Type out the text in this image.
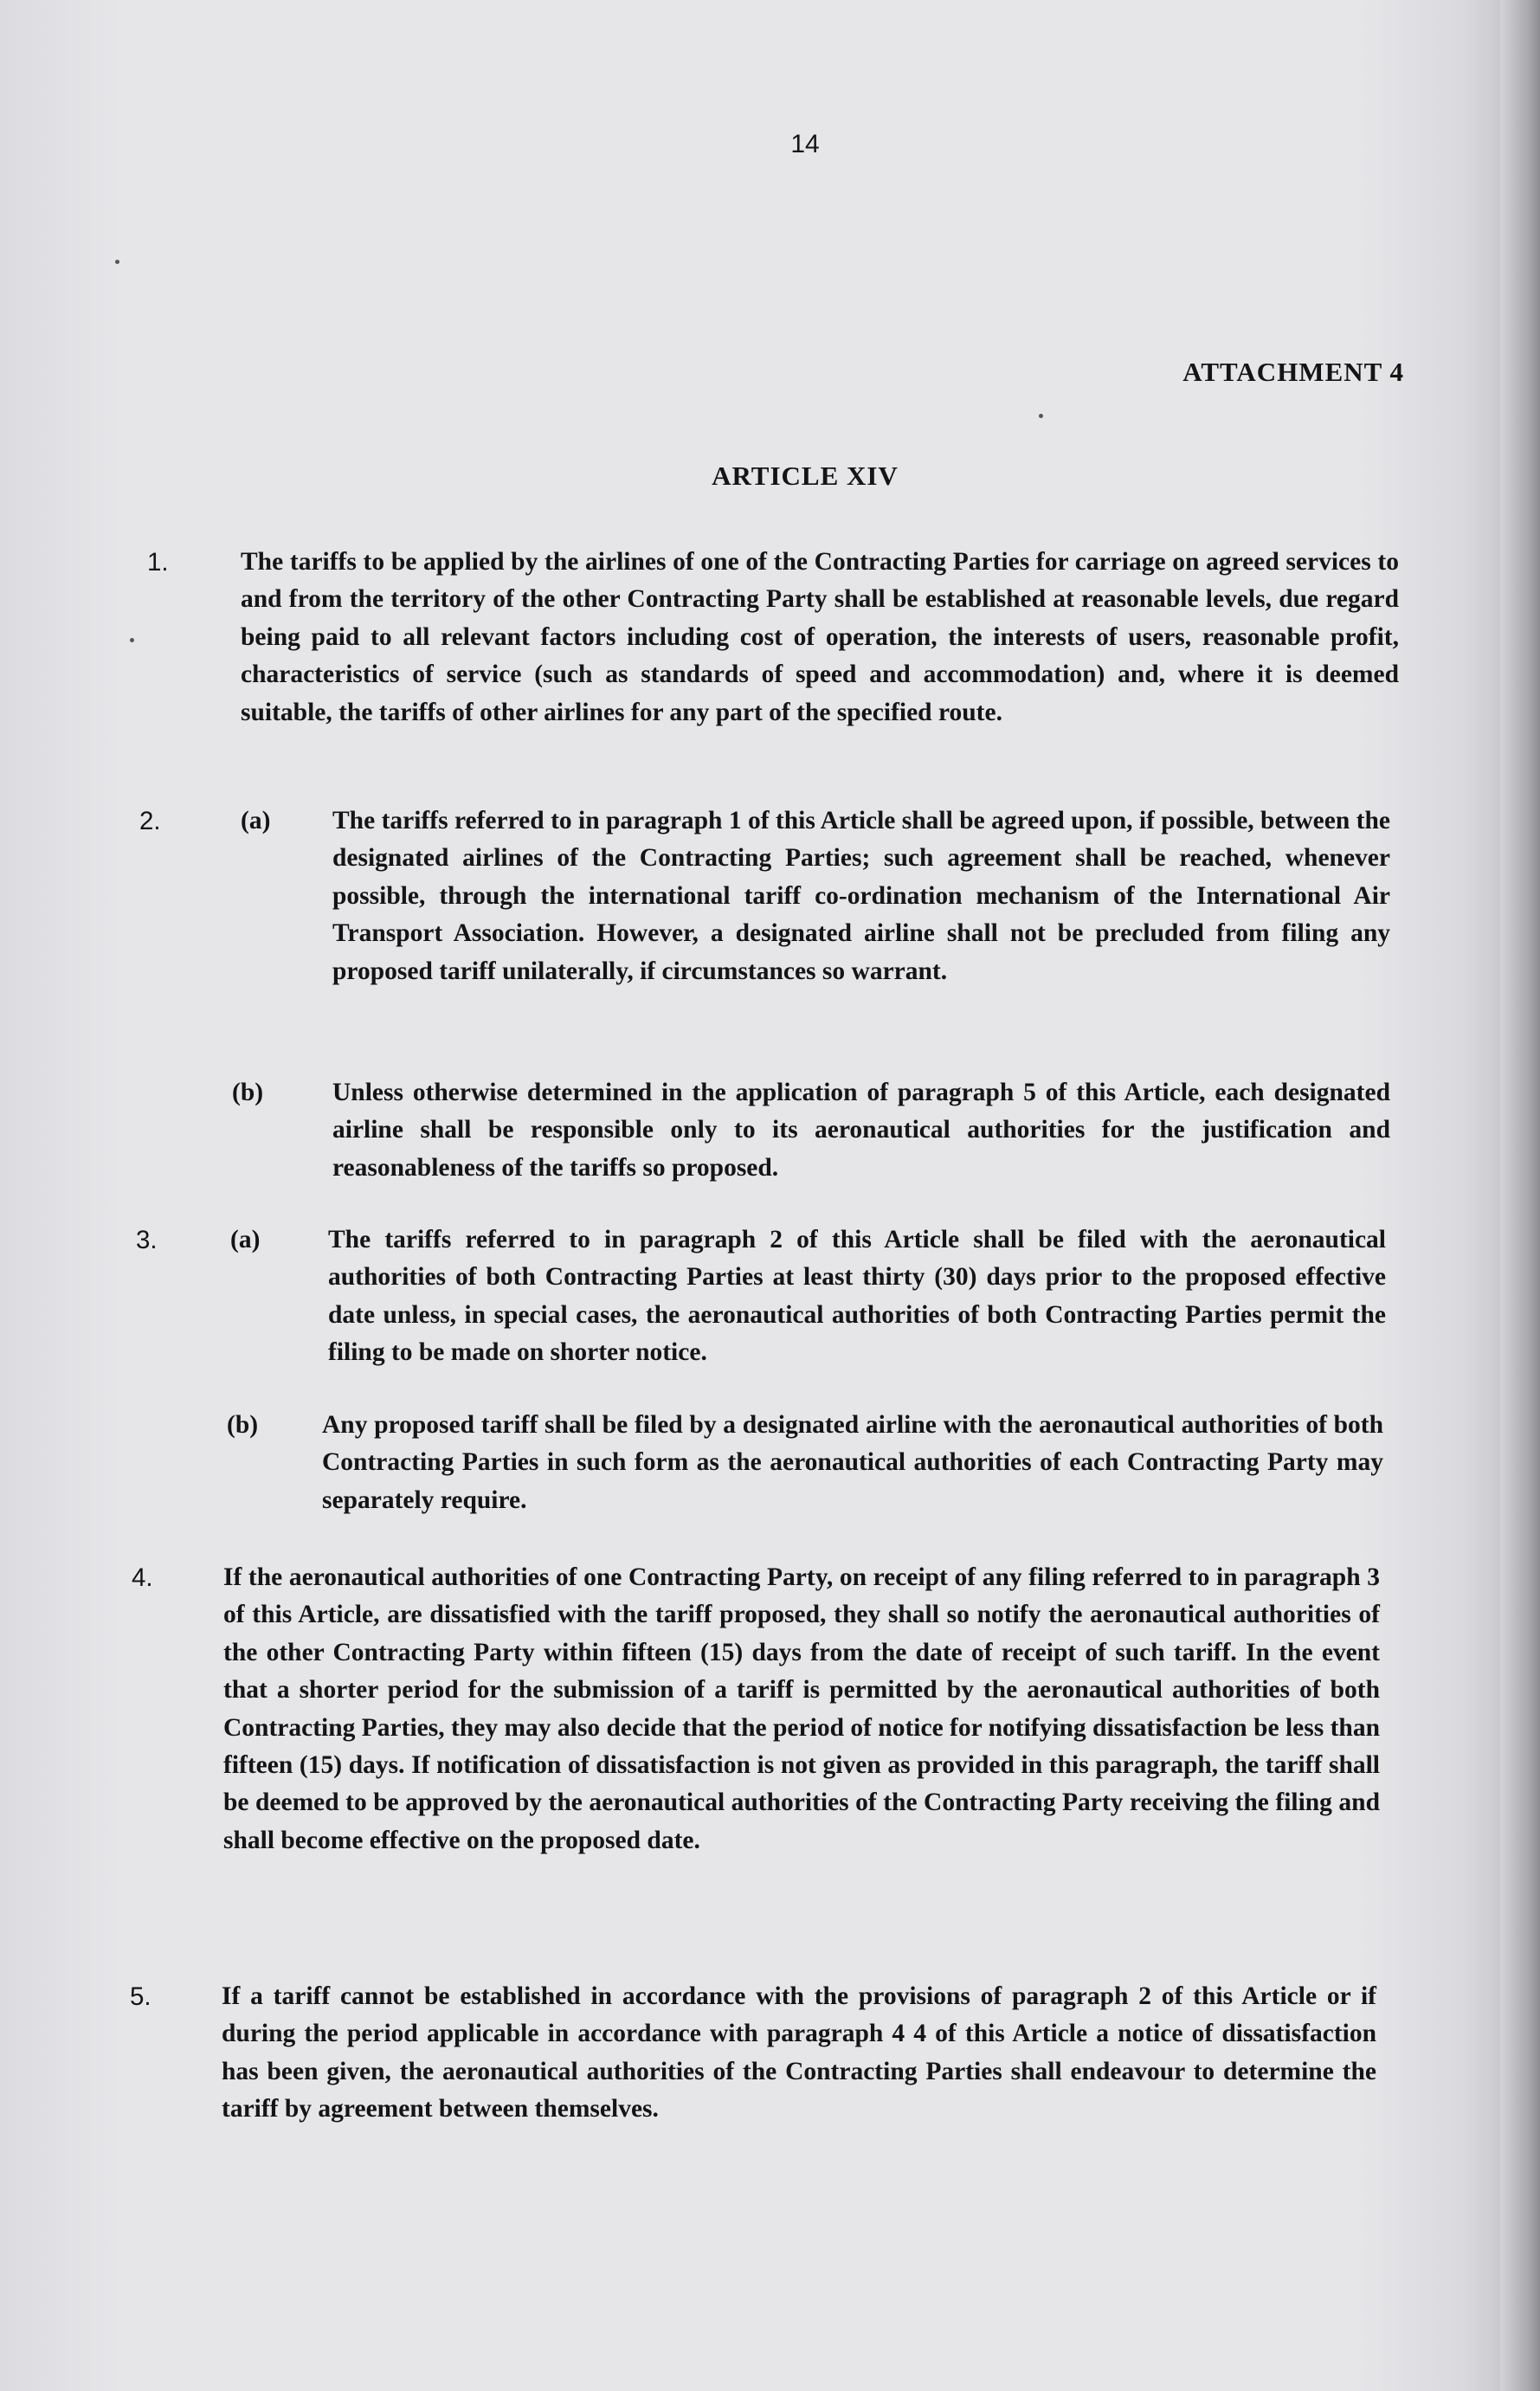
14
ATTACHMENT 4
ARTICLE XIV
1.	The tariffs to be applied by the airlines of one of the Contracting Parties for carriage on agreed services to and from the territory of the other Contracting Party shall be established at reasonable levels, due regard being paid to all relevant factors including cost of operation, the interests of users, reasonable profit, characteristics of service (such as standards of speed and accommodation) and, where it is deemed suitable, the tariffs of other airlines for any part of the specified route.
2.	(a) The tariffs referred to in paragraph 1 of this Article shall be agreed upon, if possible, between the designated airlines of the Contracting Parties; such agreement shall be reached, whenever possible, through the international tariff co-ordination mechanism of the International Air Transport Association. However, a designated airline shall not be precluded from filing any proposed tariff unilaterally, if circumstances so warrant.
(b)	Unless otherwise determined in the application of paragraph 5 of this Article, each designated airline shall be responsible only to its aeronautical authorities for the justification and reasonableness of the tariffs so proposed.
3.	(a)	The tariffs referred to in paragraph 2 of this Article shall be filed with the aeronautical authorities of both Contracting Parties at least thirty (30) days prior to the proposed effective date unless, in special cases, the aeronautical authorities of both Contracting Parties permit the filing to be made on shorter notice.
(b)	Any proposed tariff shall be filed by a designated airline with the aeronautical authorities of both Contracting Parties in such form as the aeronautical authorities of each Contracting Party may separately require.
4.	If the aeronautical authorities of one Contracting Party, on receipt of any filing referred to in paragraph 3 of this Article, are dissatisfied with the tariff proposed, they shall so notify the aeronautical authorities of the other Contracting Party within fifteen (15) days from the date of receipt of such tariff. In the event that a shorter period for the submission of a tariff is permitted by the aeronautical authorities of both Contracting Parties, they may also decide that the period of notice for notifying dissatisfaction be less than fifteen (15) days. If notification of dissatisfaction is not given as provided in this paragraph, the tariff shall be deemed to be approved by the aeronautical authorities of the Contracting Party receiving the filing and shall become effective on the proposed date.
5.	If a tariff cannot be established in accordance with the provisions of paragraph 2 of this Article or if during the period applicable in accordance with paragraph 4 4 of this Article a notice of dissatisfaction has been given, the aeronautical authorities of the Contracting Parties shall endeavour to determine the tariff by agreement between themselves.
